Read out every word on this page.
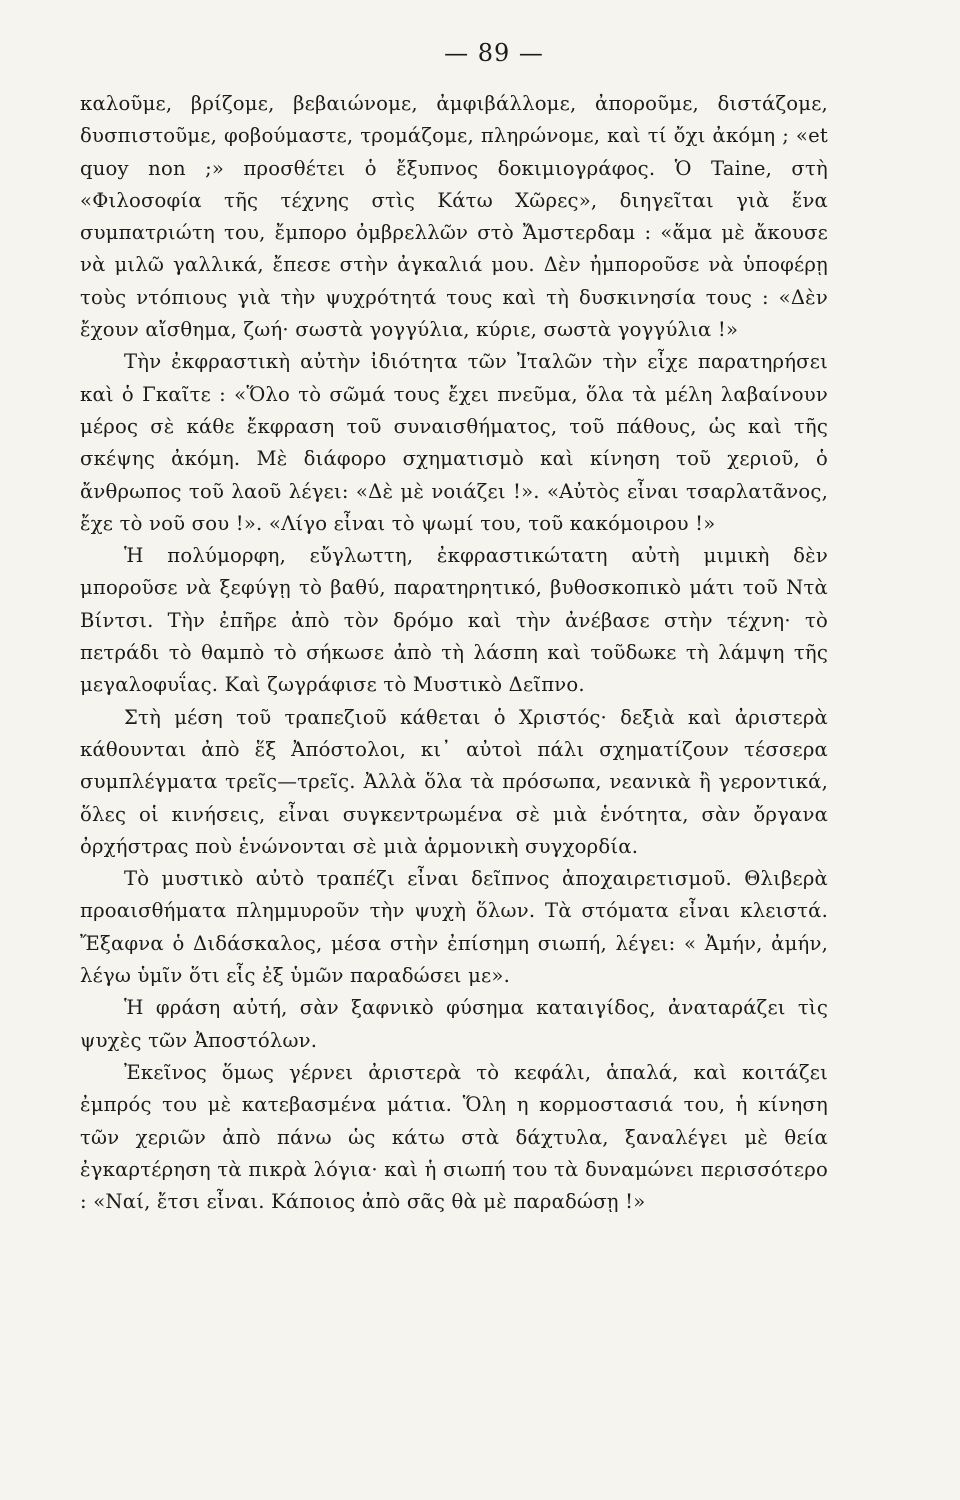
— 89 —

καλοῦμε, βρίζομε, βεβαιώνομε, ἀμφιβάλλομε, ἀποροῦμε, διστάζομε, δυσπιστοῦμε, φοβούμαστε, τρομάζομε, πληρώνομε, καὶ τί ὄχι ἀκόμη ; «et quoy non ;» προσθέτει ὁ ἔξυπνος δοκιμιογράφος. Ὁ Taine, στὴ «Φιλοσοφία τῆς τέχνης στὶς Κάτω Χῶρες», διηγεῖται γιὰ ἕνα συμπατριώτη του, ἔμπορο ὀμβρελλῶν στὸ Ἄμστερδαμ : «ἅμα μὲ ἄκουσε νὰ μιλῶ γαλλικά, ἔπεσε στὴν ἀγκαλιά μου. Δὲν ἠμποροῦσε νὰ ὑποφέρῃ τοὺς ντόπιους γιὰ τὴν ψυχρότητά τους καὶ τὴ δυσκινησία τους : «Δὲν ἔχουν αἴσθημα, ζωή· σωστὰ γογγύλια, κύριε, σωστὰ γογγύλια !»

Τὴν ἐκφραστικὴ αὐτὴν ἰδιότητα τῶν Ἰταλῶν τὴν εἶχε παρατηρήσει καὶ ὁ Γκαῖτε : «Ὅλο τὸ σῶμά τους ἔχει πνεῦμα, ὅλα τὰ μέλη λαβαίνουν μέρος σὲ κάθε ἔκφραση τοῦ συναισθήματος, τοῦ πάθους, ὡς καὶ τῆς σκέψης ἀκόμη. Μὲ διάφορο σχηματισμὸ καὶ κίνηση τοῦ χεριοῦ, ὁ ἄνθρωπος τοῦ λαοῦ λέγει: «Δὲ μὲ νοιάζει !». «Αὐτὸς εἶναι τσαρλατᾶνος, ἔχε τὸ νοῦ σου !». «Λίγο εἶναι τὸ ψωμί του, τοῦ κακόμοιρου !»

Ἡ πολύμορφη, εὔγλωττη, ἐκφραστικώτατη αὐτὴ μιμικὴ δὲν μποροῦσε νὰ ξεφύγῃ τὸ βαθύ, παρατηρητικό, βυθοσκοπικὸ μάτι τοῦ Ντὰ Βίντσι. Τὴν ἐπῆρε ἀπὸ τὸν δρόμο καὶ τὴν ἀνέβασε στὴν τέχνη· τὸ πετράδι τὸ θαμπὸ τὸ σήκωσε ἀπὸ τὴ λάσπη καὶ τοῦδωκε τὴ λάμψη τῆς μεγαλοφυΐας. Καὶ ζωγράφισε τὸ Μυστικὸ Δεῖπνο.

Στὴ μέση τοῦ τραπεζιοῦ κάθεται ὁ Χριστός· δεξιὰ καὶ ἀριστερὰ κάθουνται ἀπὸ ἕξ Ἀπόστολοι, κι᾽ αὐτοὶ πάλι σχηματίζουν τέσσερα συμπλέγματα τρεῖς—τρεῖς. Ἀλλὰ ὅλα τὰ πρόσωπα, νεανικὰ ἢ γεροντικά, ὅλες οἱ κινήσεις, εἶναι συγκεντρωμένα σὲ μιὰ ἑνότητα, σὰν ὄργανα ὀρχήστρας ποὺ ἑνώνονται σὲ μιὰ ἁρμονικὴ συγχορδία.

Τὸ μυστικὸ αὐτὸ τραπέζι εἶναι δεῖπνος ἀποχαιρετισμοῦ. Θλιβερὰ προαισθήματα πλημμυροῦν τὴν ψυχὴ ὅλων. Τὰ στόματα εἶναι κλειστά. Ἔξαφνα ὁ Διδάσκαλος, μέσα στὴν ἐπίσημη σιωπή, λέγει: « Ἀμήν, ἀμήν, λέγω ὑμῖν ὅτι εἷς ἐξ ὑμῶν παραδώσει με».

Ἡ φράση αὐτή, σὰν ξαφνικὸ φύσημα καταιγίδος, ἀναταράζει τὶς ψυχὲς τῶν Ἀποστόλων.

Ἐκεῖνος ὅμως γέρνει ἀριστερὰ τὸ κεφάλι, ἁπαλά, καὶ κοιτάζει ἐμπρός του μὲ κατεβασμένα μάτια. Ὅλη η κορμοστασιά του, ἡ κίνηση τῶν χεριῶν ἀπὸ πάνω ὡς κάτω στὰ δάχτυλα, ξαναλέγει μὲ θεία ἐγκαρτέρηση τὰ πικρὰ λόγια· καὶ ἡ σιωπή του τὰ δυναμώνει περισσότερο : «Ναί, ἔτσι εἶναι. Κάποιος ἀπὸ σᾶς θὰ μὲ παραδώσῃ !»
